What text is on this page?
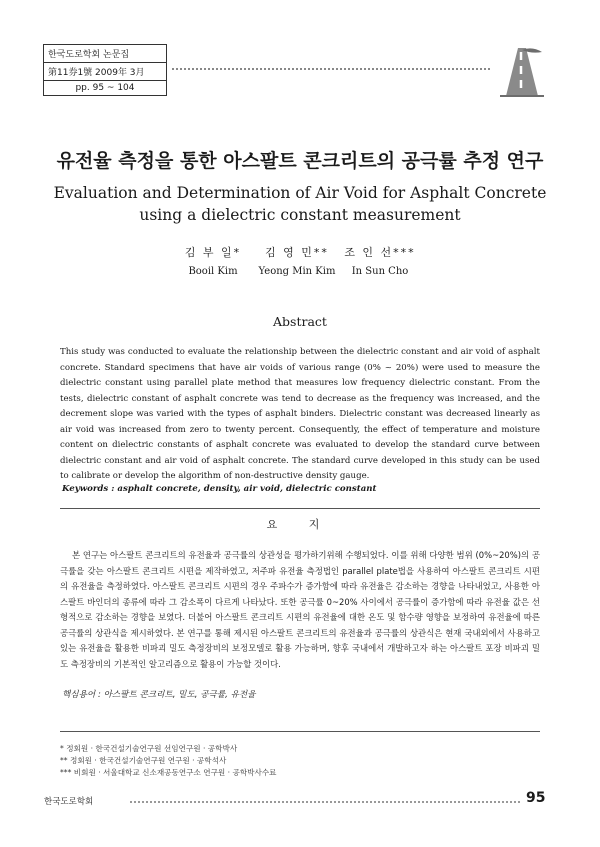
한국도로학회 논문집
第11券1號 2009年 3月
pp. 95 ~ 104
유전율 측정을 통한 아스팔트 콘크리트의 공극률 추정 연구
Evaluation and Determination of Air Void for Asphalt Concrete
using a dielectric constant measurement
김 부 일*
Booil Kim
김 영 민**
Yeong Min Kim
조 인 선***
In Sun Cho
Abstract
This study was conducted to evaluate the relationship between the dielectric constant and air void of asphalt concrete. Standard specimens that have air voids of various range (0% ~ 20%) were used to measure the dielectric constant using parallel plate method that measures low frequency dielectric constant. From the tests, dielectric constant of asphalt concrete was tend to decrease as the frequency was increased, and the decrement slope was varied with the types of asphalt binders. Dielectric constant was decreased linearly as air void was increased from zero to twenty percent. Consequently, the effect of temperature and moisture content on dielectric constants of asphalt concrete was evaluated to develop the standard curve between dielectric constant and air void of asphalt concrete. The standard curve developed in this study can be used to calibrate or develop the algorithm of non-destructive density gauge.
Keywords : asphalt concrete, density, air void, dielectric constant
요 지
본 연구는 아스팔트 콘크리트의 유전율과 공극률의 상관성을 평가하기위해 수행되었다. 이를 위해 다양한 범위 (0%~20%)의 공극률을 갖는 아스팔트 콘크리트 시편을 제작하였고, 저주파 유전율 측정법인 parallel plate법을 사용하여 아스팔트 콘크리트 시편의 유전율을 측정하였다. 아스팔트 콘크리트 시편의 경우 주파수가 증가함에 따라 유전율은 감소하는 경향을 나타내었고, 사용한 아스팔트 바인더의 종류에 따라 그 감소폭이 다르게 나타났다. 또한 공극률 0~20% 사이에서 공극률이 증가함에 따라 유전율 값은 선형적으로 감소하는 경향을 보였다. 더불어 아스팔트 콘크리트 시편의 유전율에 대한 온도 및 함수량 영향을 보정하여 유전율에 따른 공극률의 상관식을 제시하였다. 본 연구를 통해 제시된 아스팔트 콘크리트의 유전율과 공극률의 상관식은 현재 국내외에서 사용하고 있는 유전율을 활용한 비파괴 밀도 측정장비의 보정모델로 활용 가능하며, 향후 국내에서 개발하고자 하는 아스팔트 포장 비파괴 밀도 측정장비의 기본적인 알고리즘으로 활용이 가능할 것이다.
핵심용어 : 아스팔트 콘크리트, 밀도, 공극률, 유전율
* 정회원 · 한국건설기술연구원 선임연구원 · 공학박사
** 정회원 · 한국건설기술연구원 연구원 · 공학석사
*** 비회원 · 서울대학교 신소재공동연구소 연구원 · 공학박사수료
한국도로학회	95
